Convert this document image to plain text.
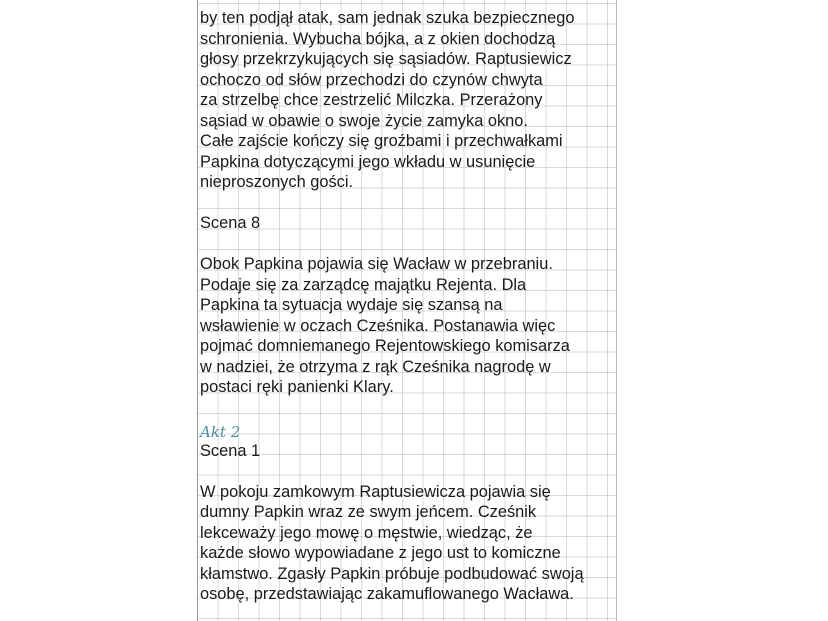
by ten podjął atak, sam jednak szuka bezpiecznego
schronienia. Wybucha bójka, a z okien dochodzą
głosy przekrzykujących się sąsiadów. Raptusiewicz
ochoczo od słów przechodzi do czynów chwyta
za strzelbę chce zestrzelić Milczka. Przerażony
sąsiad w obawie o swoje życie zamyka okno.
Całe zajście kończy się groźbami i przechwałkami
Papkina dotyczącymi jego wkładu w usunięcie
nieproszonych gości.
Scena 8
Obok Papkina pojawia się Wacław w przebraniu.
Podaje się za zarządcę majątku Rejenta. Dla
Papkina ta sytuacja wydaje się szansą na
wsławienie w oczach Cześnika. Postanawia więc
pojmać domniemanego Rejentowskiego komisarza
w nadziei, że otrzyma z rąk Cześnika nagrodę w
postaci ręki panienki Klary.
Akt 2
Scena 1
W pokoju zamkowym Raptusiewicza pojawia się
dumny Papkin wraz ze swym jeńcem. Cześnik
lekceważy jego mowę o męstwie, wiedząc, że
każde słowo wypowiadane z jego ust to komiczne
kłamstwo. Zgasły Papkin próbuje podbudować swoją
osobę, przedstawiając zakamuflowanego Wacława.
